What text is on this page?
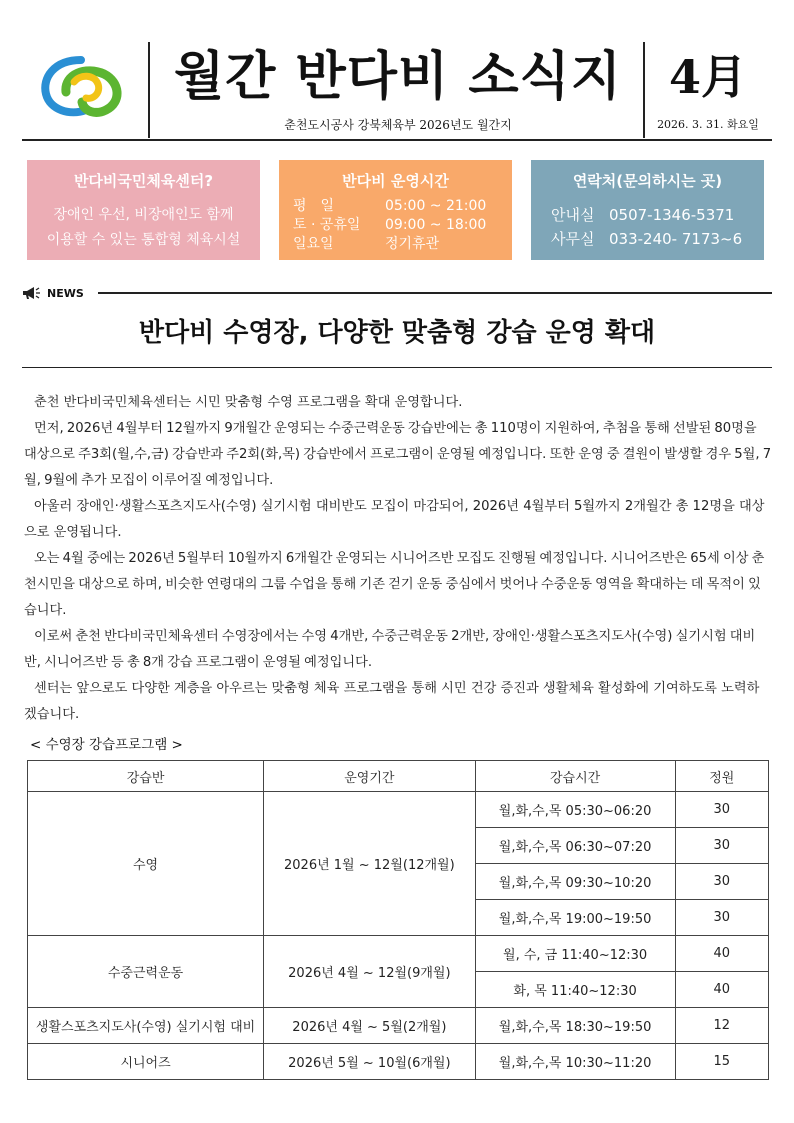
월간 반다비 소식지
춘천도시공사 강북체육부 2026년도 월간지
4月
2026. 3. 31. 화요일
반다비국민체육센터?
장애인 우선, 비장애인도 함께
이용할 수 있는 통합형 체육시설
반다비 운영시간
평　일	05:00 ~ 21:00
토 · 공휴일 09:00 ~ 18:00
일요일	정기휴관
연락처(문의하시는 곳)
안내실 0507-1346-5371
사무실 033-240- 7173~6
NEWS
반다비 수영장, 다양한 맞춤형 강습 운영 확대

춘천 반다비국민체육센터는 시민 맞춤형 수영 프로그램을 확대 운영합니다.

먼저, 2026년 4월부터 12월까지 9개월간 운영되는 수중근력운동 강습반에는 총 110명이 지원하여, 추첨을 통해 선발된 80명을 대상으로 주3회(월,수,금) 강습반과 주2회(화,목) 강습반에서 프로그램이 운영될 예정입니다. 또한 운영 중 결원이 발생할 경우 5월, 7월, 9월에 추가 모집이 이루어질 예정입니다.

아울러 장애인·생활스포츠지도사(수영) 실기시험 대비반도 모집이 마감되어, 2026년 4월부터 5월까지 2개월간 총 12명을 대상으로 운영됩니다.

오는 4월 중에는 2026년 5월부터 10월까지 6개월간 운영되는 시니어즈반 모집도 진행될 예정입니다. 시니어즈반은 65세 이상 춘천시민을 대상으로 하며, 비슷한 연령대의 그룹 수업을 통해 기존 걷기 운동 중심에서 벗어나 수중운동 영역을 확대하는 데 목적이 있습니다.

이로써 춘천 반다비국민체육센터 수영장에서는 수영 4개반, 수중근력운동 2개반, 장애인·생활스포츠지도사(수영) 실기시험 대비반, 시니어즈반 등 총 8개 강습 프로그램이 운영될 예정입니다.

센터는 앞으로도 다양한 계층을 아우르는 맞춤형 체육 프로그램을 통해 시민 건강 증진과 생활체육 활성화에 기여하도록 노력하겠습니다.

< 수영장 강습프로그램 >
강습반	운영기간	강습시간	정원
수영	2026년 1월 ~ 12월(12개월)	월,화,수,목 05:30~06:20	30
		월,화,수,목 06:30~07:20	30
		월,화,수,목 09:30~10:20	30
		월,화,수,목 19:00~19:50	30
수중근력운동	2026년 4월 ~ 12월(9개월)	월, 수, 금 11:40~12:30	40
		화, 목 11:40~12:30	40
생활스포츠지도사(수영) 실기시험 대비	2026년 4월 ~ 5월(2개월)	월,화,수,목 18:30~19:50	12
시니어즈	2026년 5월 ~ 10월(6개월)	월,화,수,목 10:30~11:20	15
